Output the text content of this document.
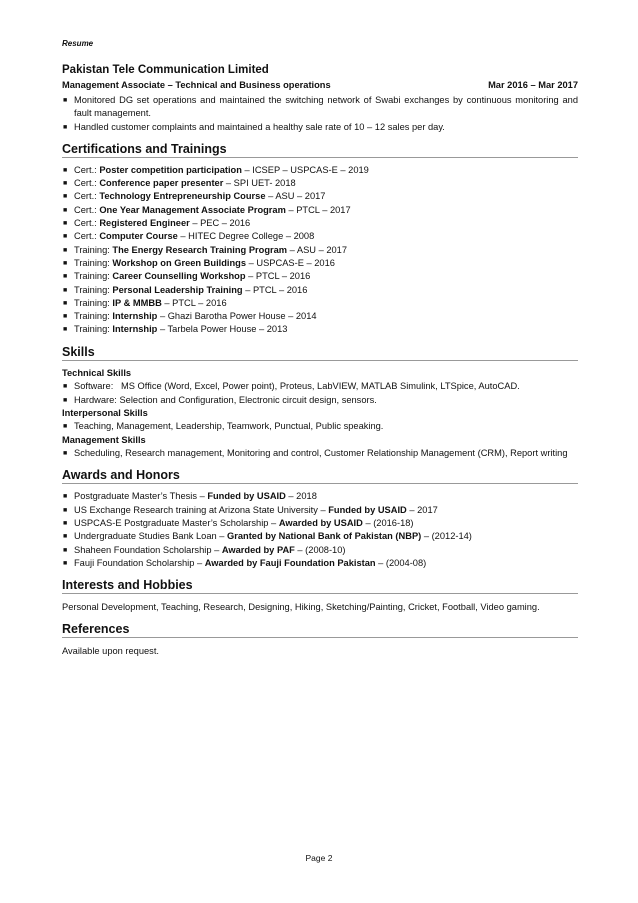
Resume
Pakistan Tele Communication Limited
Management Associate – Technical and Business operations	Mar 2016 – Mar 2017
■ Monitored DG set operations and maintained the switching network of Swabi exchanges by continuous monitoring and fault management.
■ Handled customer complaints and maintained a healthy sale rate of 10 – 12 sales per day.
Certifications and Trainings
■ Cert.: Poster competition participation – ICSEP – USPCAS-E – 2019
■ Cert.: Conference paper presenter – SPI UET- 2018
■ Cert.: Technology Entrepreneurship Course – ASU – 2017
■ Cert.: One Year Management Associate Program – PTCL – 2017
■ Cert.: Registered Engineer – PEC – 2016
■ Cert.: Computer Course – HITEC Degree College – 2008
■ Training: The Energy Research Training Program – ASU – 2017
■ Training: Workshop on Green Buildings – USPCAS-E – 2016
■ Training: Career Counselling Workshop – PTCL – 2016
■ Training: Personal Leadership Training – PTCL – 2016
■ Training: IP & MMBB – PTCL – 2016
■ Training: Internship – Ghazi Barotha Power House – 2014
■ Training: Internship – Tarbela Power House – 2013
Skills
Technical Skills
■ Software: MS Office (Word, Excel, Power point), Proteus, LabVIEW, MATLAB Simulink, LTSpice, AutoCAD.
■ Hardware: Selection and Configuration, Electronic circuit design, sensors.
Interpersonal Skills
■ Teaching, Management, Leadership, Teamwork, Punctual, Public speaking.
Management Skills
■ Scheduling, Research management, Monitoring and control, Customer Relationship Management (CRM), Report writing
Awards and Honors
■ Postgraduate Master’s Thesis – Funded by USAID – 2018
■ US Exchange Research training at Arizona State University – Funded by USAID – 2017
■ USPCAS-E Postgraduate Master’s Scholarship – Awarded by USAID – (2016-18)
■ Undergraduate Studies Bank Loan – Granted by National Bank of Pakistan (NBP) – (2012-14)
■ Shaheen Foundation Scholarship – Awarded by PAF – (2008-10)
■ Fauji Foundation Scholarship – Awarded by Fauji Foundation Pakistan – (2004-08)
Interests and Hobbies
Personal Development, Teaching, Research, Designing, Hiking, Sketching/Painting, Cricket, Football, Video gaming.
References
Available upon request.
Page 2
